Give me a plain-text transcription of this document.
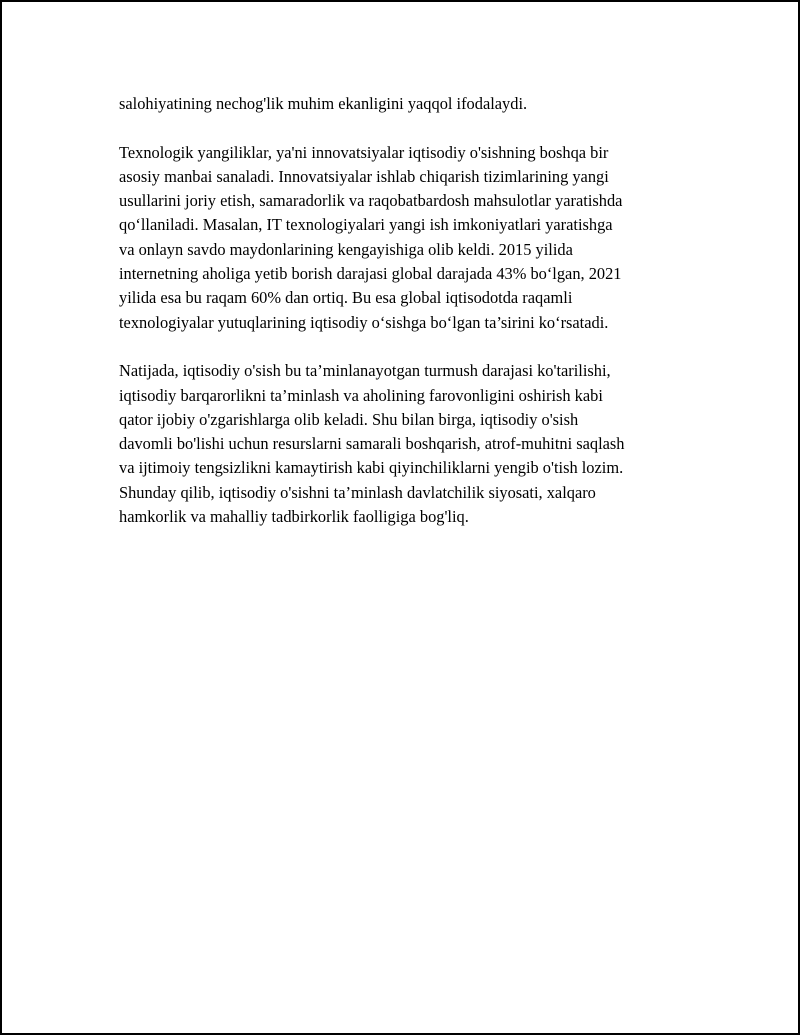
salohiyatining nechog'lik muhim ekanligini yaqqol ifodalaydi.

Texnologik yangiliklar, ya'ni innovatsiyalar iqtisodiy o'sishning boshqa bir
asosiy manbai sanaladi. Innovatsiyalar ishlab chiqarish tizimlarining yangi
usullarini joriy etish, samaradorlik va raqobatbardosh mahsulotlar yaratishda
qo‘llaniladi. Masalan, IT texnologiyalari yangi ish imkoniyatlari yaratishga
va onlayn savdo maydonlarining kengayishiga olib keldi. 2015 yilida
internetning aholiga yetib borish darajasi global darajada 43% bo‘lgan, 2021
yilida esa bu raqam 60% dan ortiq. Bu esa global iqtisodotda raqamli
texnologiyalar yutuqlarining iqtisodiy o‘sishga bo‘lgan ta’sirini ko‘rsatadi.

Natijada, iqtisodiy o'sish bu ta’minlanayotgan turmush darajasi ko'tarilishi,
iqtisodiy barqarorlikni ta’minlash va aholining farovonligini oshirish kabi
qator ijobiy o'zgarishlarga olib keladi. Shu bilan birga, iqtisodiy o'sish
davomli bo'lishi uchun resurslarni samarali boshqarish, atrof-muhitni saqlash
va ijtimoiy tengsizlikni kamaytirish kabi qiyinchiliklarni yengib o'tish lozim.
Shunday qilib, iqtisodiy o'sishni ta’minlash davlatchilik siyosati, xalqaro
hamkorlik va mahalliy tadbirkorlik faolligiga bog'liq.
